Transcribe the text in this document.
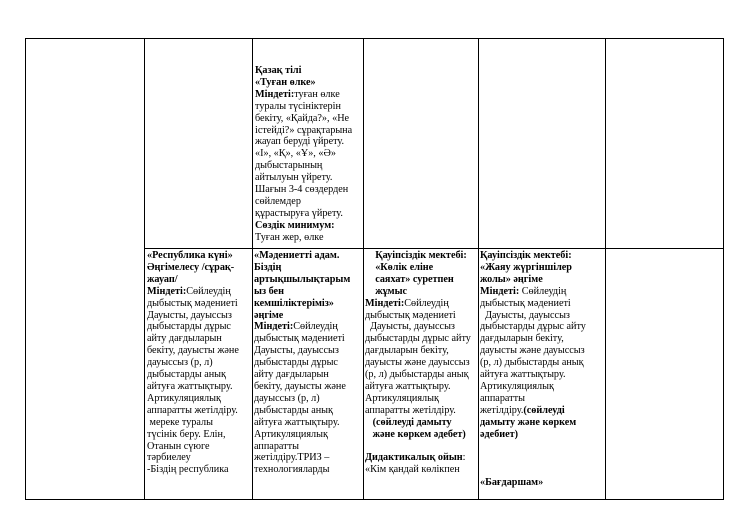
Қазақ тілі
«Туған өлке»
Міндеті:туған өлке
туралы түсініктерін
бекіту, «Қайда?», «Не
істейді?» сұрақтарына
жауап беруді үйрету.
«І», «Қ», «Ұ», «Ә»
дыбыстарының
айтылуын үйрету.
Шағын 3-4 сөздерден
сөйлемдер
құрастыруға үйрету.
Сөздік минимум:
Туған жер, өлке
«Республика күні»
Әңгімелесу /сұрақ-
жауап/
Міндеті:Сөйлеудің
дыбыстық мәдениеті
Дауысты, дауыссыз
дыбыстарды дұрыс
айту дағдыларын
бекіту, дауысты және
дауыссыз (р, л)
дыбыстарды анық
айтуға жаттықтыру.
Артикуляциялық
аппаратты жетілдіру.
мереке туралы
түсінік беру. Елін,
Отанын сүюге
тәрбиелеу
-Біздің республика
«Мәдениетті адам.
Біздің
артықшылықтарым
ыз бен
кемшіліктеріміз»
әңгіме
Міндеті:Сөйлеудің
дыбыстық мәдениеті
Дауысты, дауыссыз
дыбыстарды дұрыс
айту дағдыларын
бекіту, дауысты және
дауыссыз (р, л)
дыбыстарды анық
айтуға жаттықтыру.
Артикуляциялық
аппаратты
жетілдіру.ТРИЗ –
технологияларды
Қауіпсіздік мектебі:
«Көлік еліне
саяхат» суретпен
жұмыс
Міндеті:Сөйлеудің
дыбыстық мәдениеті
Дауысты, дауыссыз
дыбыстарды дұрыс айту
дағдыларын бекіту,
дауысты және дауыссыз
(р, л) дыбыстарды анық
айтуға жаттықтыру.
Артикуляциялық
аппаратты жетілдіру.
(сөйлеуді дамыту
және көркем әдебет)

Дидактикалық ойын:
«Кім қандай көлікпен
Қауіпсіздік мектебі:
«Жаяу жүргіншілер
жолы» әңгіме
Міндеті: Сөйлеудің
дыбыстық мәдениеті
Дауысты, дауыссыз
дыбыстарды дұрыс айту
дағдыларын бекіту,
дауысты және дауыссыз
(р, л) дыбыстарды анық
айтуға жаттықтыру.
Артикуляциялық
аппаратты
жетілдіру.(сөйлеуді
дамыту және көркем
әдебиет)
«Бағдаршам»
